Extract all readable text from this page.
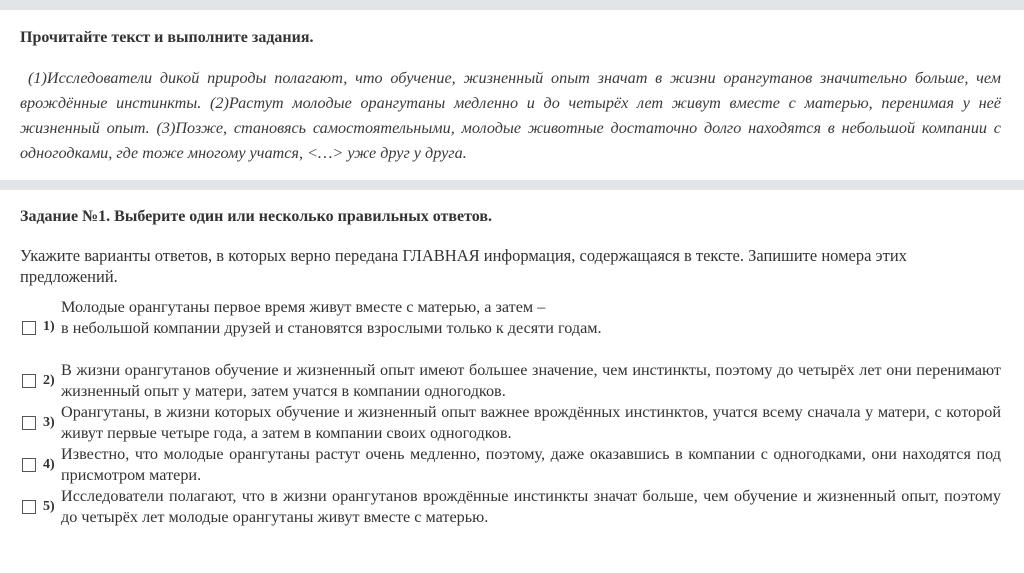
Прочитайте текст и выполните задания.
(1)Исследователи дикой природы полагают, что обучение, жизненный опыт значат в жизни орангутанов значительно больше, чем врождённые инстинкты. (2)Растут молодые орангутаны медленно и до четырёх лет живут вместе с матерью, перенимая у неё жизненный опыт. (3)Позже, становясь самостоятельными, молодые животные достаточно долго находятся в небольшой компании с одногодками, где тоже многому учатся, <…> уже друг у друга.
Задание №1. Выберите один или несколько правильных ответов.
Укажите варианты ответов, в которых верно передана ГЛАВНАЯ информация, содержащаяся в тексте. Запишите номера этих предложений.
1)
Молодые орангутаны первое время живут вместе с матерью, а затем –
в небольшой компании друзей и становятся взрослыми только к десяти годам.
2)
В жизни орангутанов обучение и жизненный опыт имеют большее значение, чем инстинкты, поэтому до четырёх лет они перенимают жизненный опыт у матери, затем учатся в компании одногодков.
3)
Орангутаны, в жизни которых обучение и жизненный опыт важнее врождённых инстинктов, учатся всему сначала у матери, с которой живут первые четыре года, а затем в компании своих одногодков.
4)
Известно, что молодые орангутаны растут очень медленно, поэтому, даже оказавшись в компании с одногодками, они находятся под присмотром матери.
5)
Исследователи полагают, что в жизни орангутанов врождённые инстинкты значат больше, чем обучение и жизненный опыт, поэтому до четырёх лет молодые орангутаны живут вместе с матерью.
